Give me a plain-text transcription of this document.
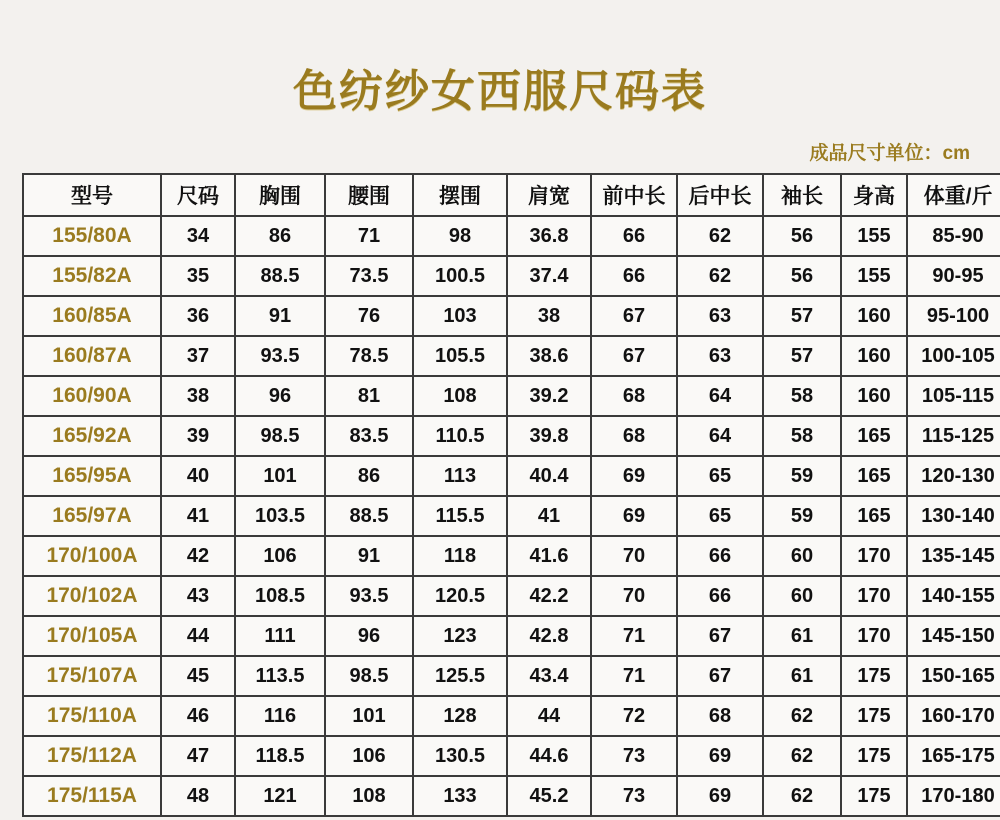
色纺纱女西服尺码表
成品尺寸单位：cm
型号	尺码	胸围	腰围	摆围	肩宽	前中长	后中长	袖长	身高	体重/斤
155/80A	34	86	71	98	36.8	66	62	56	155	85-90
155/82A	35	88.5	73.5	100.5	37.4	66	62	56	155	90-95
160/85A	36	91	76	103	38	67	63	57	160	95-100
160/87A	37	93.5	78.5	105.5	38.6	67	63	57	160	100-105
160/90A	38	96	81	108	39.2	68	64	58	160	105-115
165/92A	39	98.5	83.5	110.5	39.8	68	64	58	165	115-125
165/95A	40	101	86	113	40.4	69	65	59	165	120-130
165/97A	41	103.5	88.5	115.5	41	69	65	59	165	130-140
170/100A	42	106	91	118	41.6	70	66	60	170	135-145
170/102A	43	108.5	93.5	120.5	42.2	70	66	60	170	140-155
170/105A	44	111	96	123	42.8	71	67	61	170	145-150
175/107A	45	113.5	98.5	125.5	43.4	71	67	61	175	150-165
175/110A	46	116	101	128	44	72	68	62	175	160-170
175/112A	47	118.5	106	130.5	44.6	73	69	62	175	165-175
175/115A	48	121	108	133	45.2	73	69	62	175	170-180
